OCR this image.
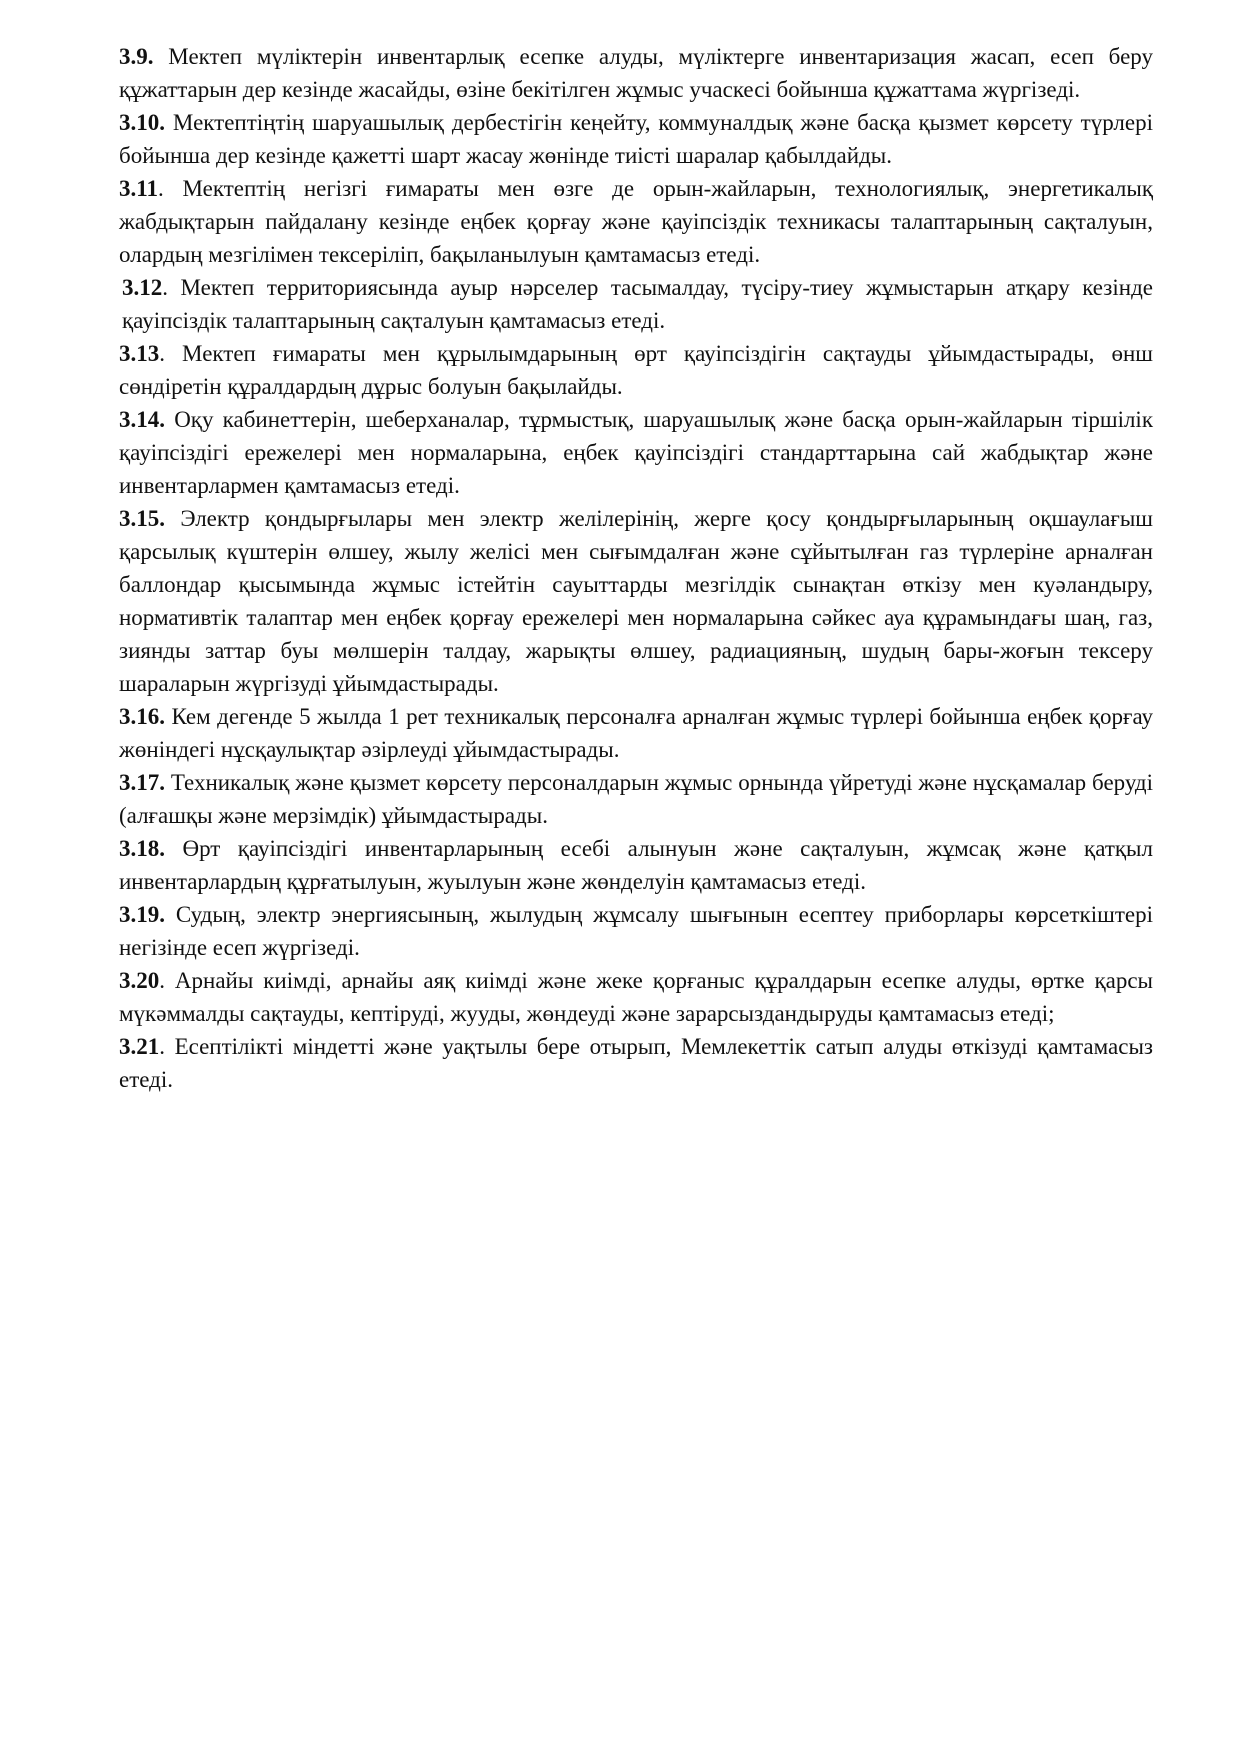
3.9. Мектеп мүліктерін инвентарлық есепке алуды, мүліктерге инвентаризация жасап, есеп беру құжаттарын дер кезінде жасайды, өзіне бекітілген жұмыс учаскесі бойынша құжаттама жүргізеді.

3.10. Мектептіңтің шаруашылық дербестігін кеңейту, коммуналдық және басқа қызмет көрсету түрлері бойынша дер кезінде қажетті шарт жасау жөнінде тиісті шаралар қабылдайды.

3.11. Мектептің негізгі ғимараты мен өзге де орын-жайларын, технологиялық, энергетикалық жабдықтарын пайдалану кезінде еңбек қорғау және қауіпсіздік техникасы талаптарының сақталуын, олардың мезгілімен тексеріліп, бақыланылуын қамтамасыз етеді.

3.12. Мектеп территориясында ауыр нәрселер тасымалдау, түсіру-тиеу жұмыстарын атқару кезінде қауіпсіздік талаптарының сақталуын қамтамасыз етеді.

3.13. Мектеп ғимараты мен құрылымдарының өрт қауіпсіздігін сақтауды ұйымдастырады, өнш сөндіретін құралдардың дұрыс болуын бақылайды.

3.14. Оқу кабинеттерін, шеберханалар, тұрмыстық, шаруашылық және басқа орын-жайларын тіршілік қауіпсіздігі ережелері мен нормаларына, еңбек қауіпсіздігі стандарттарына сай жабдықтар және инвентарлармен қамтамасыз етеді.

3.15. Электр қондырғылары мен электр желілерінің, жерге қосу қондырғыларының оқшаулағыш қарсылық күштерін өлшеу, жылу желісі мен сығымдалған және сұйытылған газ түрлеріне арналған баллондар қысымында жұмыс істейтін сауыттарды мезгілдік сынақтан өткізу мен куәландыру, нормативтік талаптар мен еңбек қорғау ережелері мен нормаларына сәйкес ауа құрамындағы шаң, газ, зиянды заттар буы мөлшерін талдау, жарықты өлшеу, радиацияның, шудың бары-жоғын тексеру шараларын жүргізуді ұйымдастырады.

3.16. Кем дегенде 5 жылда 1 рет техникалық персоналға арналған жұмыс түрлері бойынша еңбек қорғау жөніндегі нұсқаулықтар әзірлеуді ұйымдастырады.

3.17. Техникалық және қызмет көрсету персоналдарын жұмыс орнында үйретуді және нұсқамалар беруді (алғашқы және мерзімдік) ұйымдастырады.

3.18. Өрт қауіпсіздігі инвентарларының есебі алынуын және сақталуын, жұмсақ және қатқыл инвентарлардың құрғатылуын, жуылуын және жөнделуін қамтамасыз етеді.

3.19. Судың, электр энергиясының, жылудың жұмсалу шығынын есептеу приборлары көрсеткіштері негізінде есеп жүргізеді.

3.20. Арнайы киімді, арнайы аяқ киімді және жеке қорғаныс құралдарын есепке алуды, өртке қарсы мүкәммалды сақтауды, кептіруді, жууды, жөндеуді және зарарсыздандыруды қамтамасыз етеді;

3.21. Есептілікті міндетті және уақтылы бере отырып, Мемлекеттік сатып алуды өткізуді қамтамасыз етеді.
